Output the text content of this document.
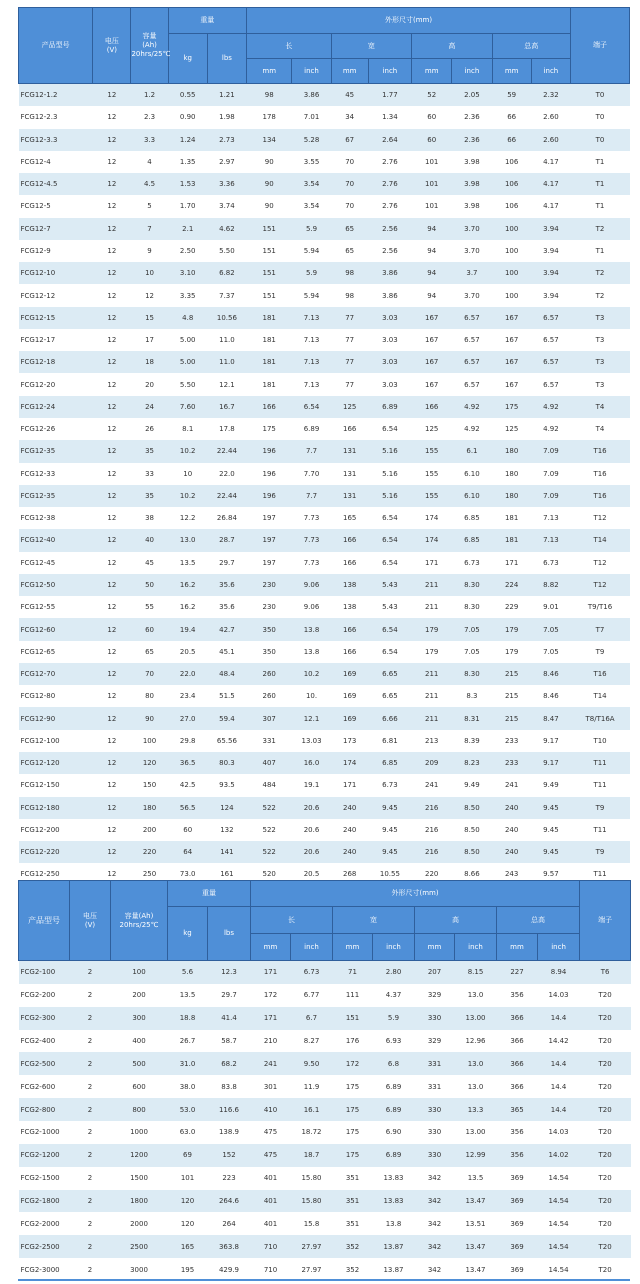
产品型号	电压
(V)	容量
(Ah)
20hrs/25℃	重量		外形尺寸(mm)								端子
			kg	lbs	长		宽		高		总高		
					mm	inch	mm	inch	mm	inch	mm	inch	
FCG12-1.2	12	1.2	0.55	1.21	98	3.86	45	1.77	52	2.05	59	2.32	T0
FCG12-2.3	12	2.3	0.90	1.98	178	7.01	34	1.34	60	2.36	66	2.60	T0
FCG12-3.3	12	3.3	1.24	2.73	134	5.28	67	2.64	60	2.36	66	2.60	T0
FCG12-4	12	4	1.35	2.97	90	3.55	70	2.76	101	3.98	106	4.17	T1
FCG12-4.5	12	4.5	1.53	3.36	90	3.54	70	2.76	101	3.98	106	4.17	T1
FCG12-5	12	5	1.70	3.74	90	3.54	70	2.76	101	3.98	106	4.17	T1
FCG12-7	12	7	2.1	4.62	151	5.9	65	2.56	94	3.70	100	3.94	T2
FCG12-9	12	9	2.50	5.50	151	5.94	65	2.56	94	3.70	100	3.94	T1
FCG12-10	12	10	3.10	6.82	151	5.9	98	3.86	94	3.7	100	3.94	T2
FCG12-12	12	12	3.35	7.37	151	5.94	98	3.86	94	3.70	100	3.94	T2
FCG12-15	12	15	4.8	10.56	181	7.13	77	3.03	167	6.57	167	6.57	T3
FCG12-17	12	17	5.00	11.0	181	7.13	77	3.03	167	6.57	167	6.57	T3
FCG12-18	12	18	5.00	11.0	181	7.13	77	3.03	167	6.57	167	6.57	T3
FCG12-20	12	20	5.50	12.1	181	7.13	77	3.03	167	6.57	167	6.57	T3
FCG12-24	12	24	7.60	16.7	166	6.54	125	6.89	166	4.92	175	4.92	T4
FCG12-26	12	26	8.1	17.8	175	6.89	166	6.54	125	4.92	125	4.92	T4
FCG12-35	12	35	10.2	22.44	196	7.7	131	5.16	155	6.1	180	7.09	T16
FCG12-33	12	33	10	22.0	196	7.70	131	5.16	155	6.10	180	7.09	T16
FCG12-35	12	35	10.2	22.44	196	7.7	131	5.16	155	6.10	180	7.09	T16
FCG12-38	12	38	12.2	26.84	197	7.73	165	6.54	174	6.85	181	7.13	T12
FCG12-40	12	40	13.0	28.7	197	7.73	166	6.54	174	6.85	181	7.13	T14
FCG12-45	12	45	13.5	29.7	197	7.73	166	6.54	171	6.73	171	6.73	T12
FCG12-50	12	50	16.2	35.6	230	9.06	138	5.43	211	8.30	224	8.82	T12
FCG12-55	12	55	16.2	35.6	230	9.06	138	5.43	211	8.30	229	9.01	T9/T16
FCG12-60	12	60	19.4	42.7	350	13.8	166	6.54	179	7.05	179	7.05	T7
FCG12-65	12	65	20.5	45.1	350	13.8	166	6.54	179	7.05	179	7.05	T9
FCG12-70	12	70	22.0	48.4	260	10.2	169	6.65	211	8.30	215	8.46	T16
FCG12-80	12	80	23.4	51.5	260	10.	169	6.65	211	8.3	215	8.46	T14
FCG12-90	12	90	27.0	59.4	307	12.1	169	6.66	211	8.31	215	8.47	T8/T16A
FCG12-100	12	100	29.8	65.56	331	13.03	173	6.81	213	8.39	233	9.17	T10
FCG12-120	12	120	36.5	80.3	407	16.0	174	6.85	209	8.23	233	9.17	T11
FCG12-150	12	150	42.5	93.5	484	19.1	171	6.73	241	9.49	241	9.49	T11
FCG12-180	12	180	56.5	124	522	20.6	240	9.45	216	8.50	240	9.45	T9
FCG12-200	12	200	60	132	522	20.6	240	9.45	216	8.50	240	9.45	T11
FCG12-220	12	220	64	141	522	20.6	240	9.45	216	8.50	240	9.45	T9
FCG12-250	12	250	73.0	161	520	20.5	268	10.55	220	8.66	243	9.57	T11
产品型号	电压
(V)	容量(Ah)
20hrs/25℃	重量		外形尺寸(mm)								端子
			kg	lbs	长		宽		高		总高		
					mm	inch	mm	inch	mm	inch	mm	inch	
FCG2-100	2	100	5.6	12.3	171	6.73	71	2.80	207	8.15	227	8.94	T6
FCG2-200	2	200	13.5	29.7	172	6.77	111	4.37	329	13.0	356	14.03	T20
FCG2-300	2	300	18.8	41.4	171	6.7	151	5.9	330	13.00	366	14.4	T20
FCG2-400	2	400	26.7	58.7	210	8.27	176	6.93	329	12.96	366	14.42	T20
FCG2-500	2	500	31.0	68.2	241	9.50	172	6.8	331	13.0	366	14.4	T20
FCG2-600	2	600	38.0	83.8	301	11.9	175	6.89	331	13.0	366	14.4	T20
FCG2-800	2	800	53.0	116.6	410	16.1	175	6.89	330	13.3	365	14.4	T20
FCG2-1000	2	1000	63.0	138.9	475	18.72	175	6.90	330	13.00	356	14.03	T20
FCG2-1200	2	1200	69	152	475	18.7	175	6.89	330	12.99	356	14.02	T20
FCG2-1500	2	1500	101	223	401	15.80	351	13.83	342	13.5	369	14.54	T20
FCG2-1800	2	1800	120	264.6	401	15.80	351	13.83	342	13.47	369	14.54	T20
FCG2-2000	2	2000	120	264	401	15.8	351	13.8	342	13.51	369	14.54	T20
FCG2-2500	2	2500	165	363.8	710	27.97	352	13.87	342	13.47	369	14.54	T20
FCG2-3000	2	3000	195	429.9	710	27.97	352	13.87	342	13.47	369	14.54	T20
